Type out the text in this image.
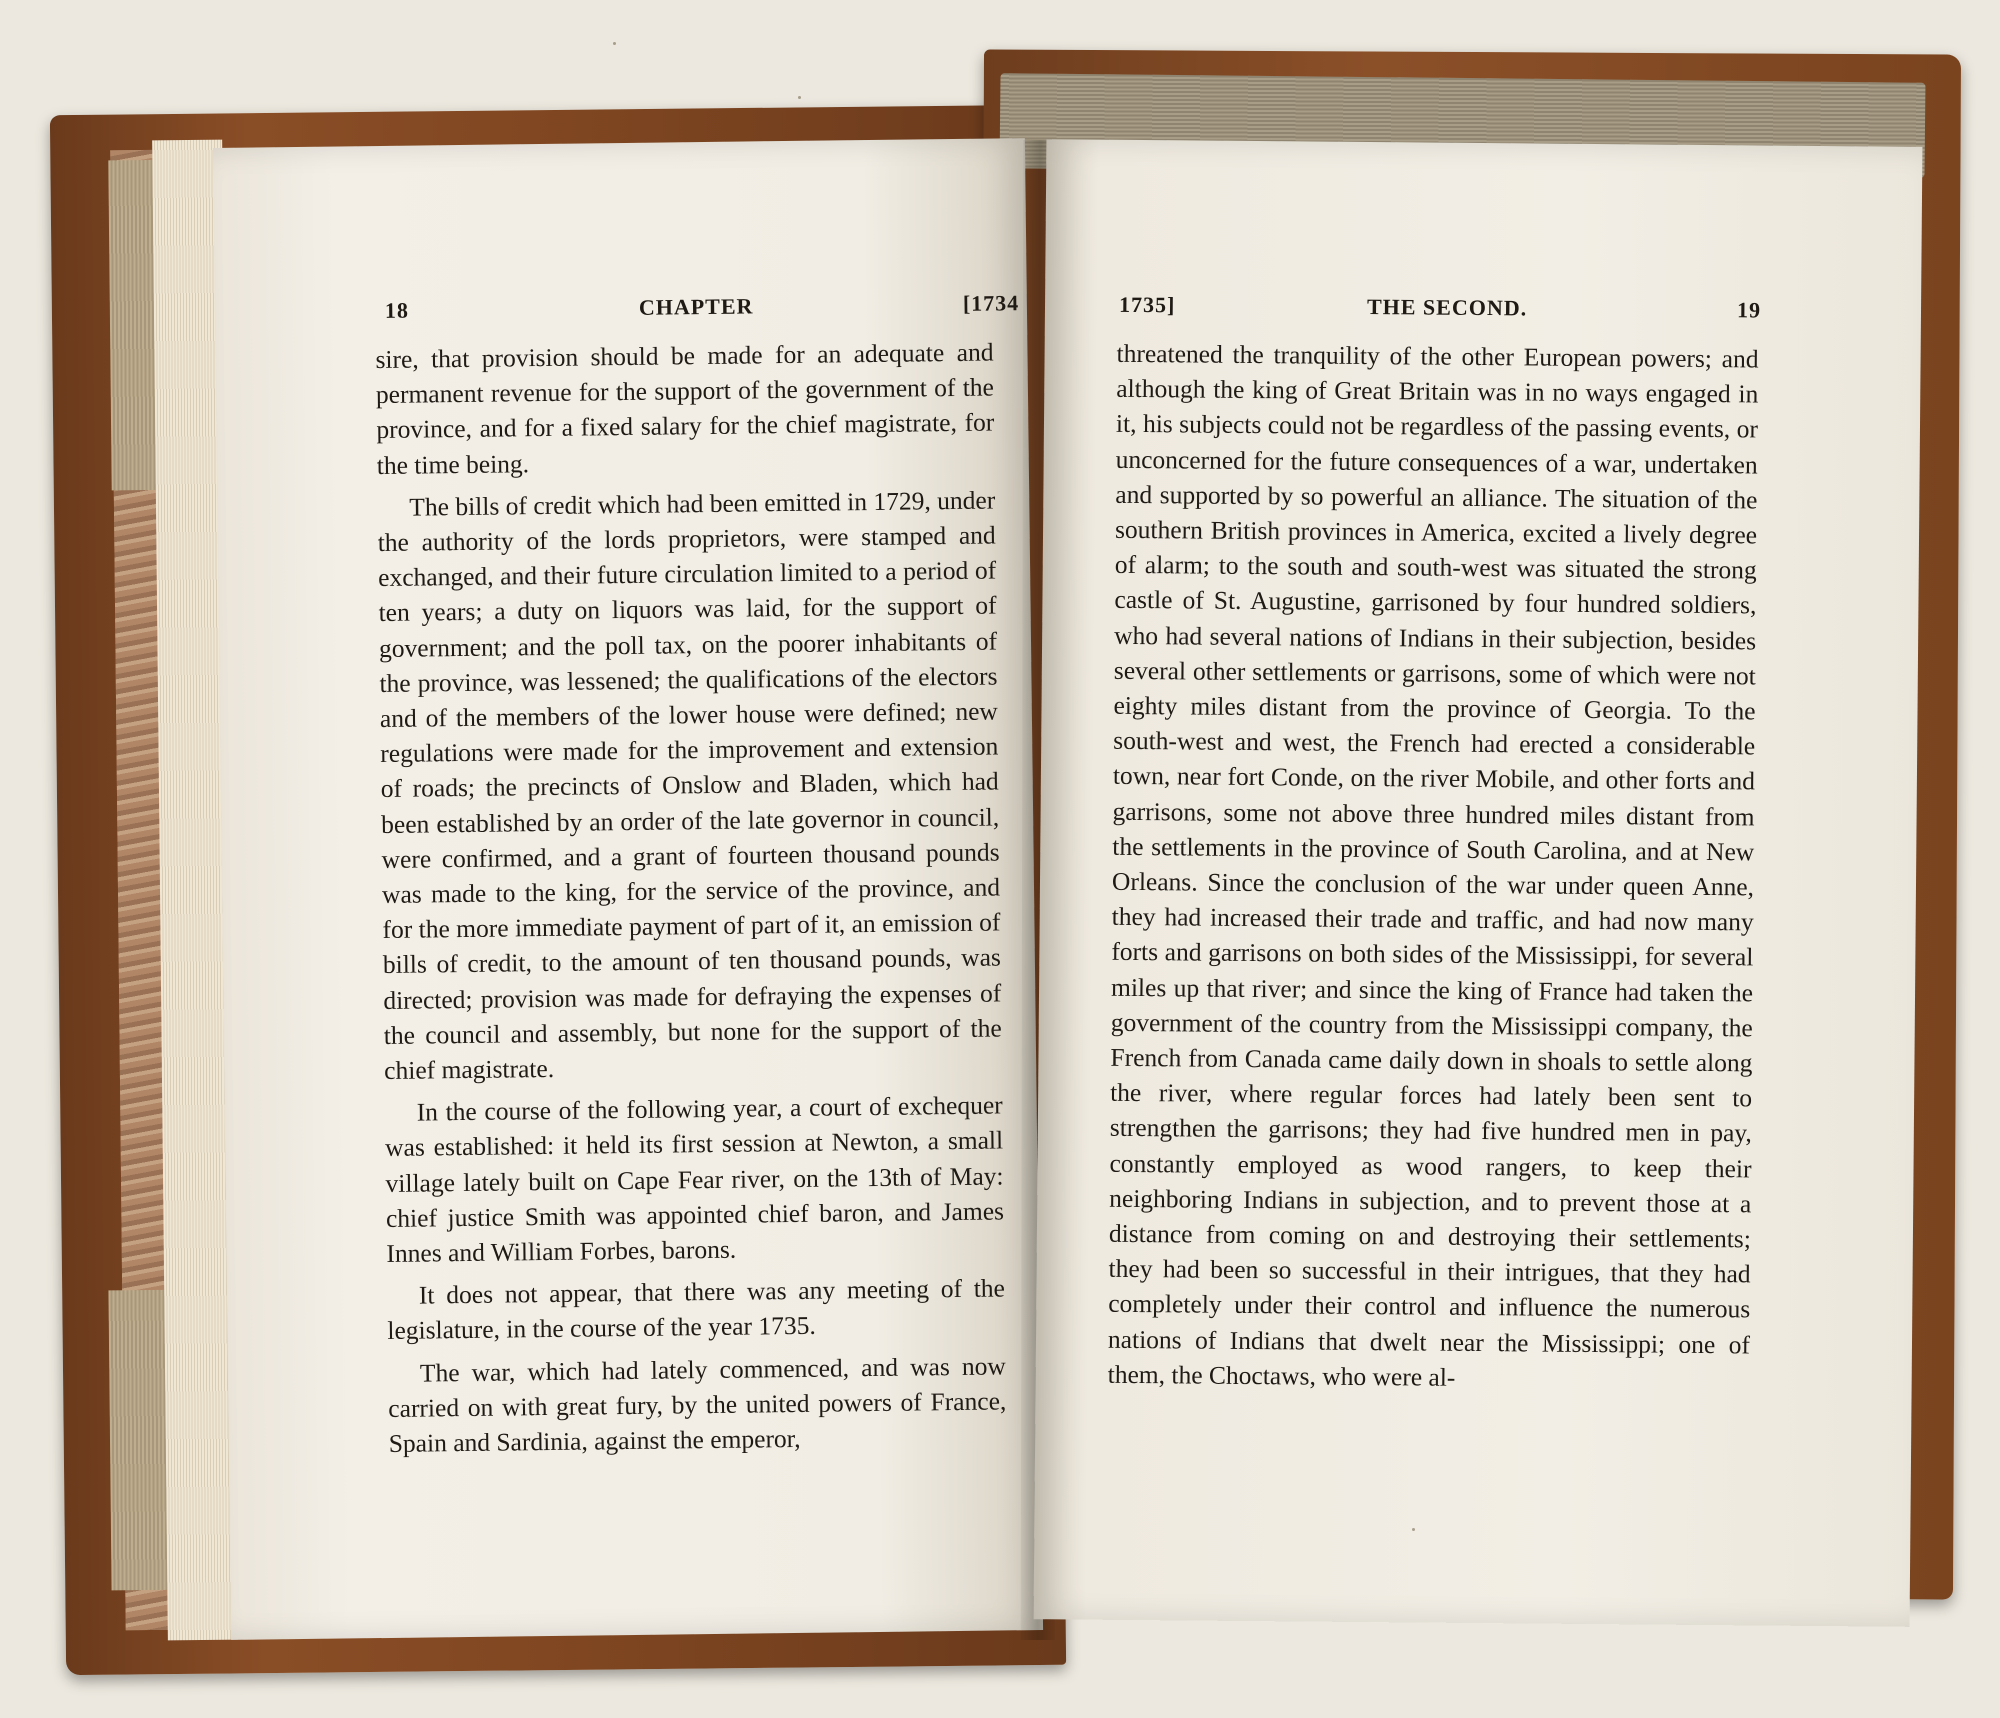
18	CHAPTER	[1734

sire, that provision should be made for an adequate and permanent revenue for the support of the government of the province, and for a fixed salary for the chief magistrate, for the time being.

The bills of credit which had been emitted in 1729, under the authority of the lords proprietors, were stamped and exchanged, and their future circulation limited to a period of ten years; a duty on liquors was laid, for the support of government; and the poll tax, on the poorer inhabitants of the province, was lessened; the qualifications of the electors and of the members of the lower house were defined; new regulations were made for the improvement and extension of roads; the precincts of Onslow and Bladen, which had been established by an order of the late governor in council, were confirmed, and a grant of fourteen thousand pounds was made to the king, for the service of the province, and for the more immediate payment of part of it, an emission of bills of credit, to the amount of ten thousand pounds, was directed; provision was made for defraying the expenses of the council and assembly, but none for the support of the chief magistrate.

In the course of the following year, a court of exchequer was established: it held its first session at Newton, a small village lately built on Cape Fear river, on the 13th of May: chief justice Smith was appointed chief baron, and James Innes and William Forbes, barons.

It does not appear, that there was any meeting of the legislature, in the course of the year 1735.

The war, which had lately commenced, and was now carried on with great fury, by the united powers of France, Spain and Sardinia, against the emperor,

1735]	THE SECOND.	19

threatened the tranquility of the other European powers; and although the king of Great Britain was in no ways engaged in it, his subjects could not be regardless of the passing events, or unconcerned for the future consequences of a war, undertaken and supported by so powerful an alliance. The situation of the southern British provinces in America, excited a lively degree of alarm; to the south and south-west was situated the strong castle of St. Augustine, garrisoned by four hundred soldiers, who had several nations of Indians in their subjection, besides several other settlements or garrisons, some of which were not eighty miles distant from the province of Georgia. To the south-west and west, the French had erected a considerable town, near fort Conde, on the river Mobile, and other forts and garrisons, some not above three hundred miles distant from the settlements in the province of South Carolina, and at New Orleans. Since the conclusion of the war under queen Anne, they had increased their trade and traffic, and had now many forts and garrisons on both sides of the Mississippi, for several miles up that river; and since the king of France had taken the government of the country from the Mississippi company, the French from Canada came daily down in shoals to settle along the river, where regular forces had lately been sent to strengthen the garrisons; they had five hundred men in pay, constantly employed as wood rangers, to keep their neighboring Indians in subjection, and to prevent those at a distance from coming on and destroying their settlements; they had been so successful in their intrigues, that they had completely under their control and influence the numerous nations of Indians that dwelt near the Mississippi; one of them, the Choctaws, who were al-
